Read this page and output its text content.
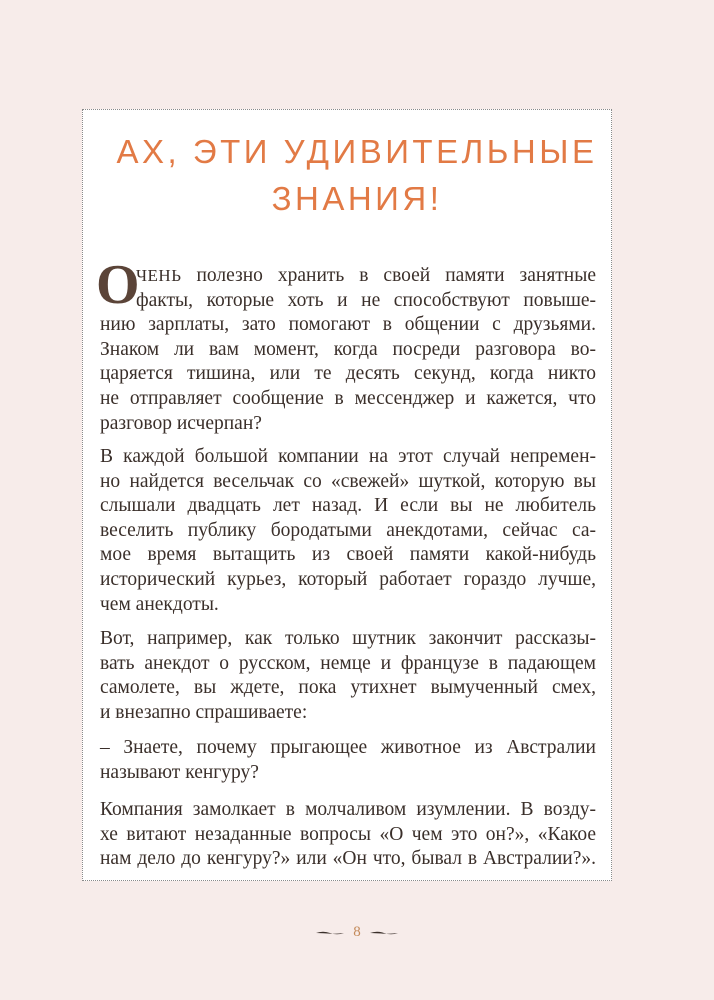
АХ, ЭТИ УДИВИТЕЛЬНЫЕ
ЗНАНИЯ!
О
ЧЕНЬ полезно хранить в своей памяти занятные
факты, которые хоть и не способствуют повыше-
нию зарплаты, зато помогают в общении с друзьями.
Знаком ли вам момент, когда посреди разговора во-
царяется тишина, или те десять секунд, когда никто
не отправляет сообщение в мессенджер и кажется, что
разговор исчерпан?
В каждой большой компании на этот случай непремен-
но найдется весельчак со «свежей» шуткой, которую вы
слышали двадцать лет назад. И если вы не любитель
веселить публику бородатыми анекдотами, сейчас са-
мое время вытащить из своей памяти какой-нибудь
исторический курьез, который работает гораздо лучше,
чем анекдоты.
Вот, например, как только шутник закончит рассказы-
вать анекдот о русском, немце и французе в падающем
самолете, вы ждете, пока утихнет вымученный смех,
и внезапно спрашиваете:
– Знаете, почему прыгающее животное из Австралии
называют кенгуру?
Компания замолкает в молчаливом изумлении. В возду-
хе витают незаданные вопросы «О чем это он?», «Какое
нам дело до кенгуру?» или «Он что, бывал в Австралии?».
8
